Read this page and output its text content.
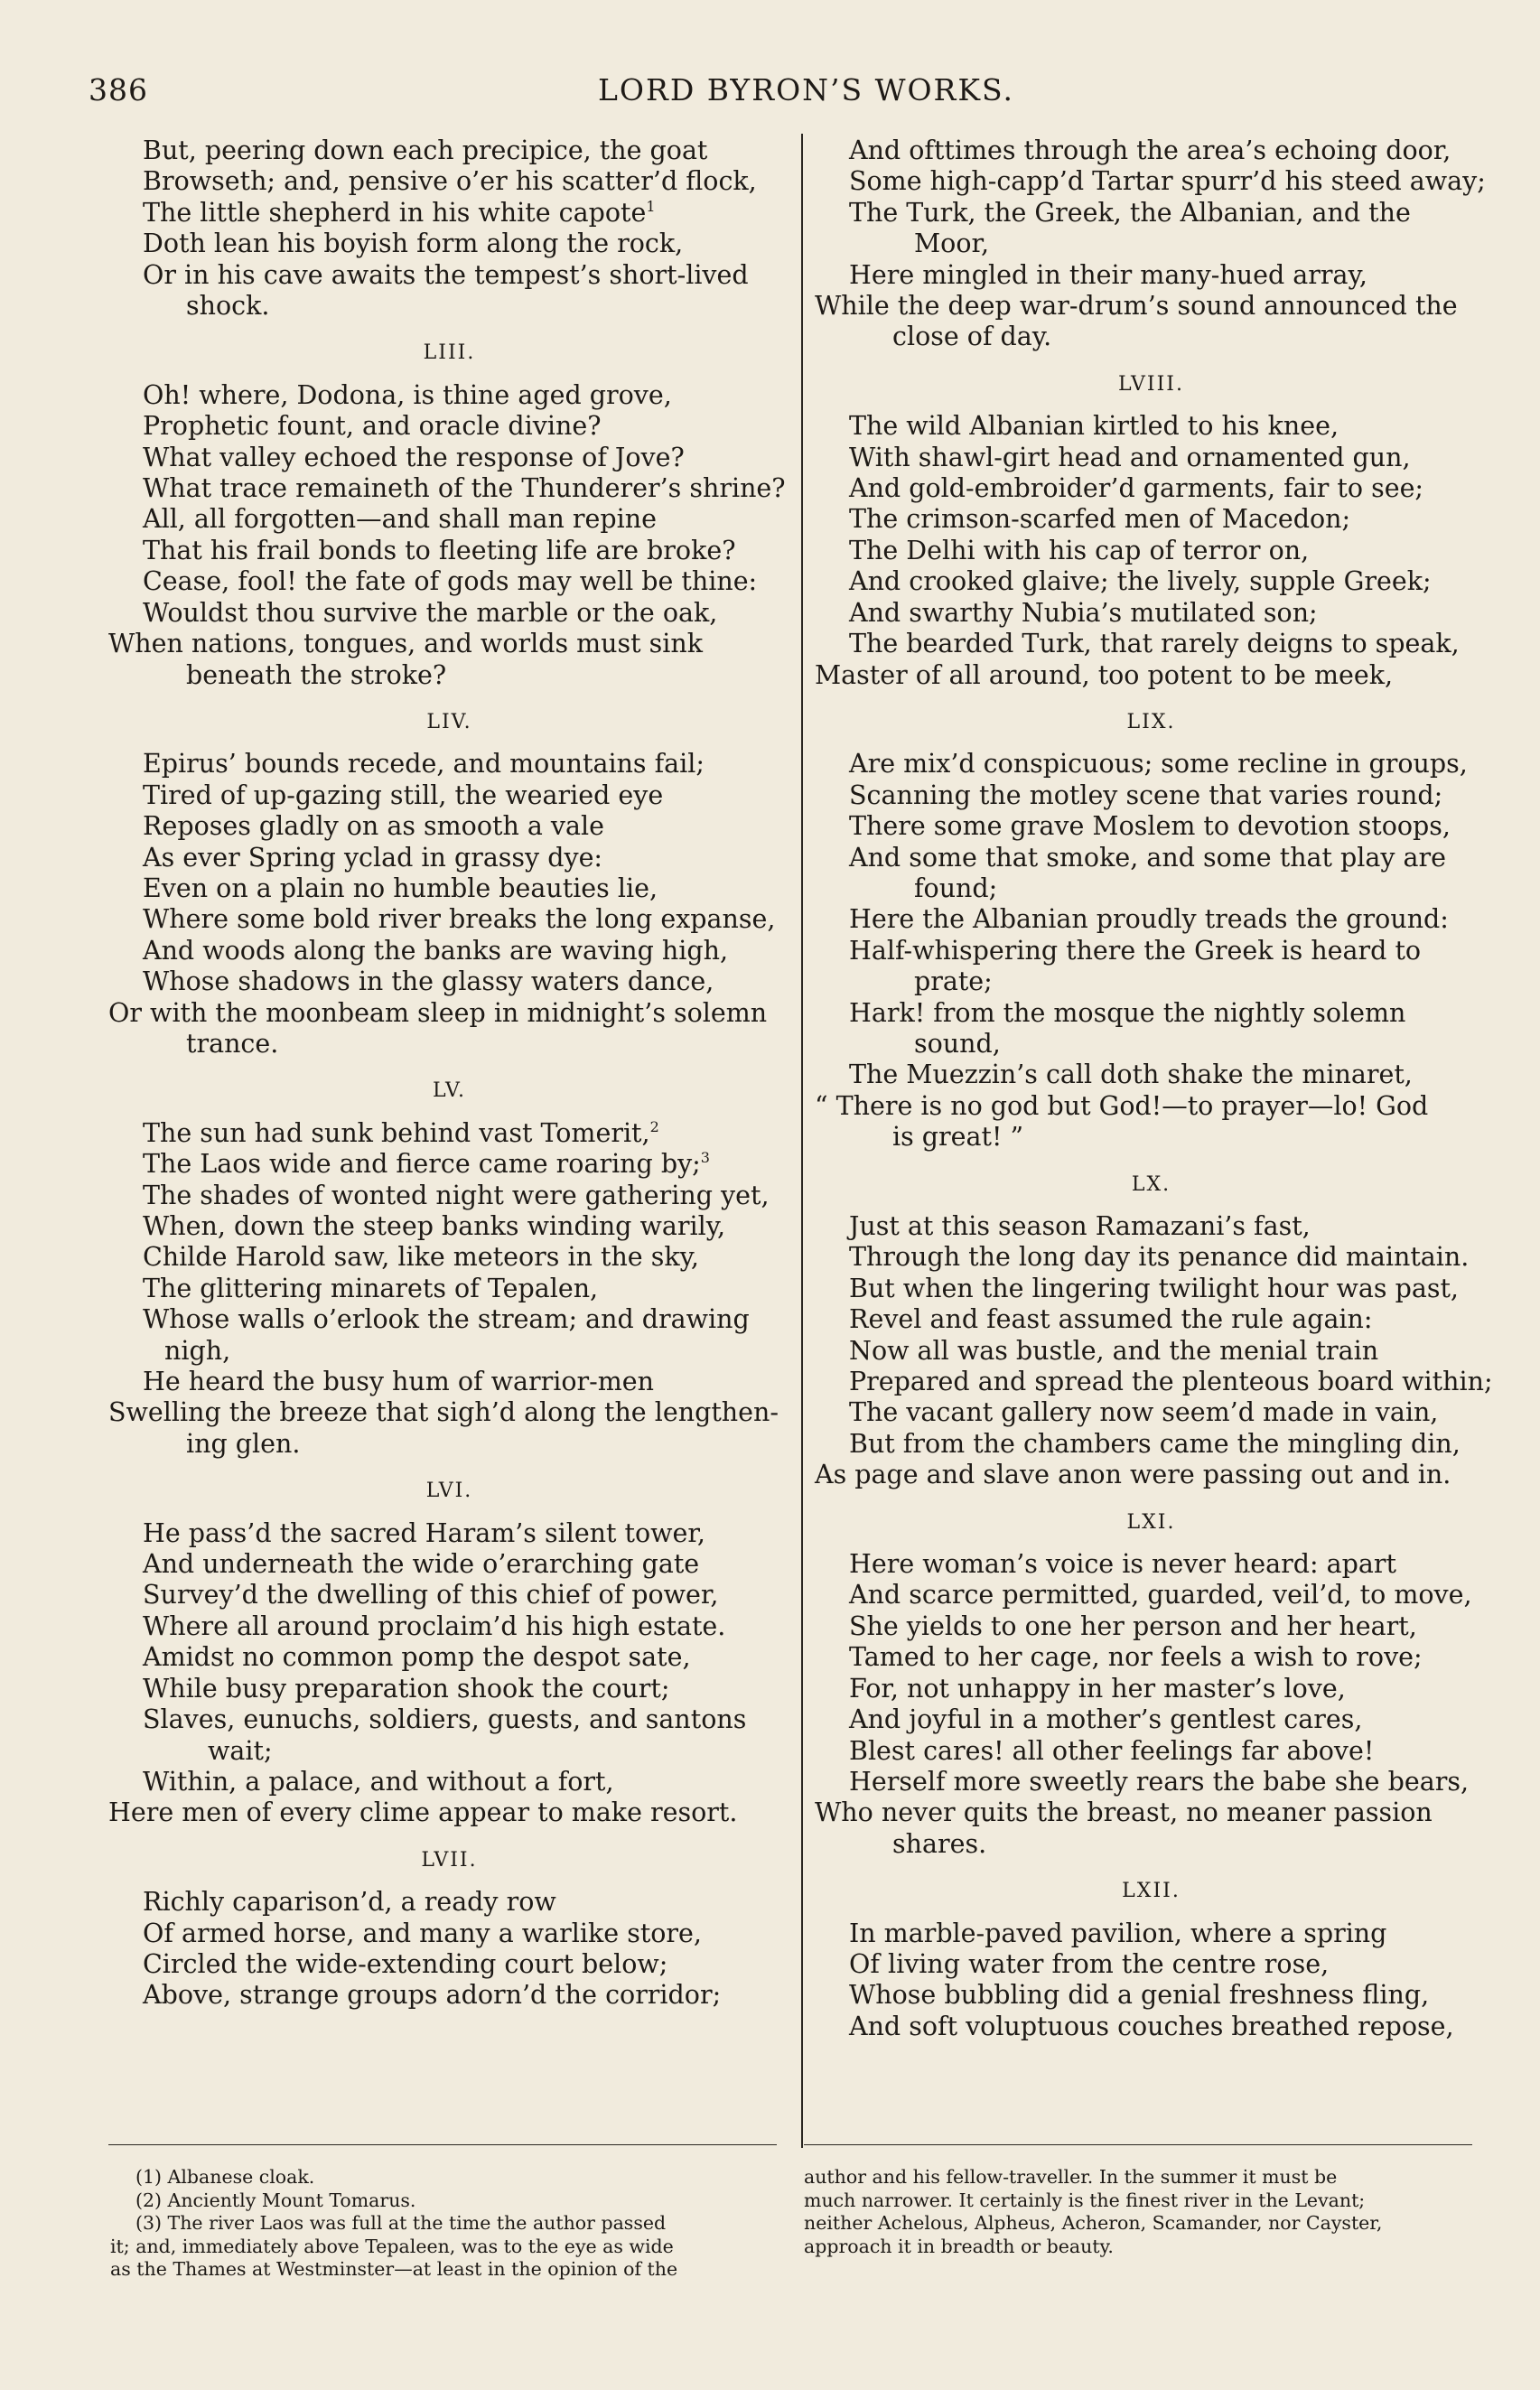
386	LORD BYRON’S WORKS.
But, peering down each precipice, the goat
Browseth; and, pensive o’er his scatter’d flock,
The little shepherd in his white capote$^1$
Doth lean his boyish form along the rock,
Or in his cave awaits the tempest’s short-lived
shock.
LIII.
Oh! where, Dodona, is thine aged grove,
Prophetic fount, and oracle divine?
What valley echoed the response of Jove?
What trace remaineth of the Thunderer’s shrine?
All, all forgotten—and shall man repine
That his frail bonds to fleeting life are broke?
Cease, fool! the fate of gods may well be thine:
Wouldst thou survive the marble or the oak,
When nations, tongues, and worlds must sink
beneath the stroke?
LIV.
Epirus’ bounds recede, and mountains fail;
Tired of up-gazing still, the wearied eye
Reposes gladly on as smooth a vale
As ever Spring yclad in grassy dye:
Even on a plain no humble beauties lie,
Where some bold river breaks the long expanse,
And woods along the banks are waving high,
Whose shadows in the glassy waters dance,
Or with the moonbeam sleep in midnight’s solemn
trance.
LV.
The sun had sunk behind vast Tomerit,$^2$
The Laos wide and fierce came roaring by;$^3$
The shades of wonted night were gathering yet,
When, down the steep banks winding warily,
Childe Harold saw, like meteors in the sky,
The glittering minarets of Tepalen,
Whose walls o’erlook the stream; and drawing
nigh,
He heard the busy hum of warrior-men
Swelling the breeze that sigh’d along the lengthen-
ing glen.
LVI.
He pass’d the sacred Haram’s silent tower,
And underneath the wide o’erarching gate
Survey’d the dwelling of this chief of power,
Where all around proclaim’d his high estate.
Amidst no common pomp the despot sate,
While busy preparation shook the court;
Slaves, eunuchs, soldiers, guests, and santons
wait;
Within, a palace, and without a fort,
Here men of every clime appear to make resort.
LVII.
Richly caparison’d, a ready row
Of armed horse, and many a warlike store,
Circled the wide-extending court below;
Above, strange groups adorn’d the corridor;
And ofttimes through the area’s echoing door,
Some high-capp’d Tartar spurr’d his steed away;
The Turk, the Greek, the Albanian, and the
Moor,
Here mingled in their many-hued array,
While the deep war-drum’s sound announced the
close of day.
LVIII.
The wild Albanian kirtled to his knee,
With shawl-girt head and ornamented gun,
And gold-embroider’d garments, fair to see;
The crimson-scarfed men of Macedon;
The Delhi with his cap of terror on,
And crooked glaive; the lively, supple Greek;
And swarthy Nubia’s mutilated son;
The bearded Turk, that rarely deigns to speak,
Master of all around, too potent to be meek,
LIX.
Are mix’d conspicuous; some recline in groups,
Scanning the motley scene that varies round;
There some grave Moslem to devotion stoops,
And some that smoke, and some that play are
found;
Here the Albanian proudly treads the ground:
Half-whispering there the Greek is heard to
prate;
Hark! from the mosque the nightly solemn
sound,
The Muezzin’s call doth shake the minaret,
“ There is no god but God!—to prayer—lo! God
is great! ”
LX.
Just at this season Ramazani’s fast,
Through the long day its penance did maintain.
But when the lingering twilight hour was past,
Revel and feast assumed the rule again:
Now all was bustle, and the menial train
Prepared and spread the plenteous board within;
The vacant gallery now seem’d made in vain,
But from the chambers came the mingling din,
As page and slave anon were passing out and in.
LXI.
Here woman’s voice is never heard: apart
And scarce permitted, guarded, veil’d, to move,
She yields to one her person and her heart,
Tamed to her cage, nor feels a wish to rove;
For, not unhappy in her master’s love,
And joyful in a mother’s gentlest cares,
Blest cares! all other feelings far above!
Herself more sweetly rears the babe she bears,
Who never quits the breast, no meaner passion
shares.
LXII.
In marble-paved pavilion, where a spring
Of living water from the centre rose,
Whose bubbling did a genial freshness fling,
And soft voluptuous couches breathed repose,
(1) Albanese cloak.
(2) Anciently Mount Tomarus.
(3) The river Laos was full at the time the author passed
it; and, immediately above Tepaleen, was to the eye as wide
as the Thames at Westminster—at least in the opinion of the
author and his fellow-traveller. In the summer it must be
much narrower. It certainly is the finest river in the Levant;
neither Achelous, Alpheus, Acheron, Scamander, nor Cayster,
approach it in breadth or beauty.
